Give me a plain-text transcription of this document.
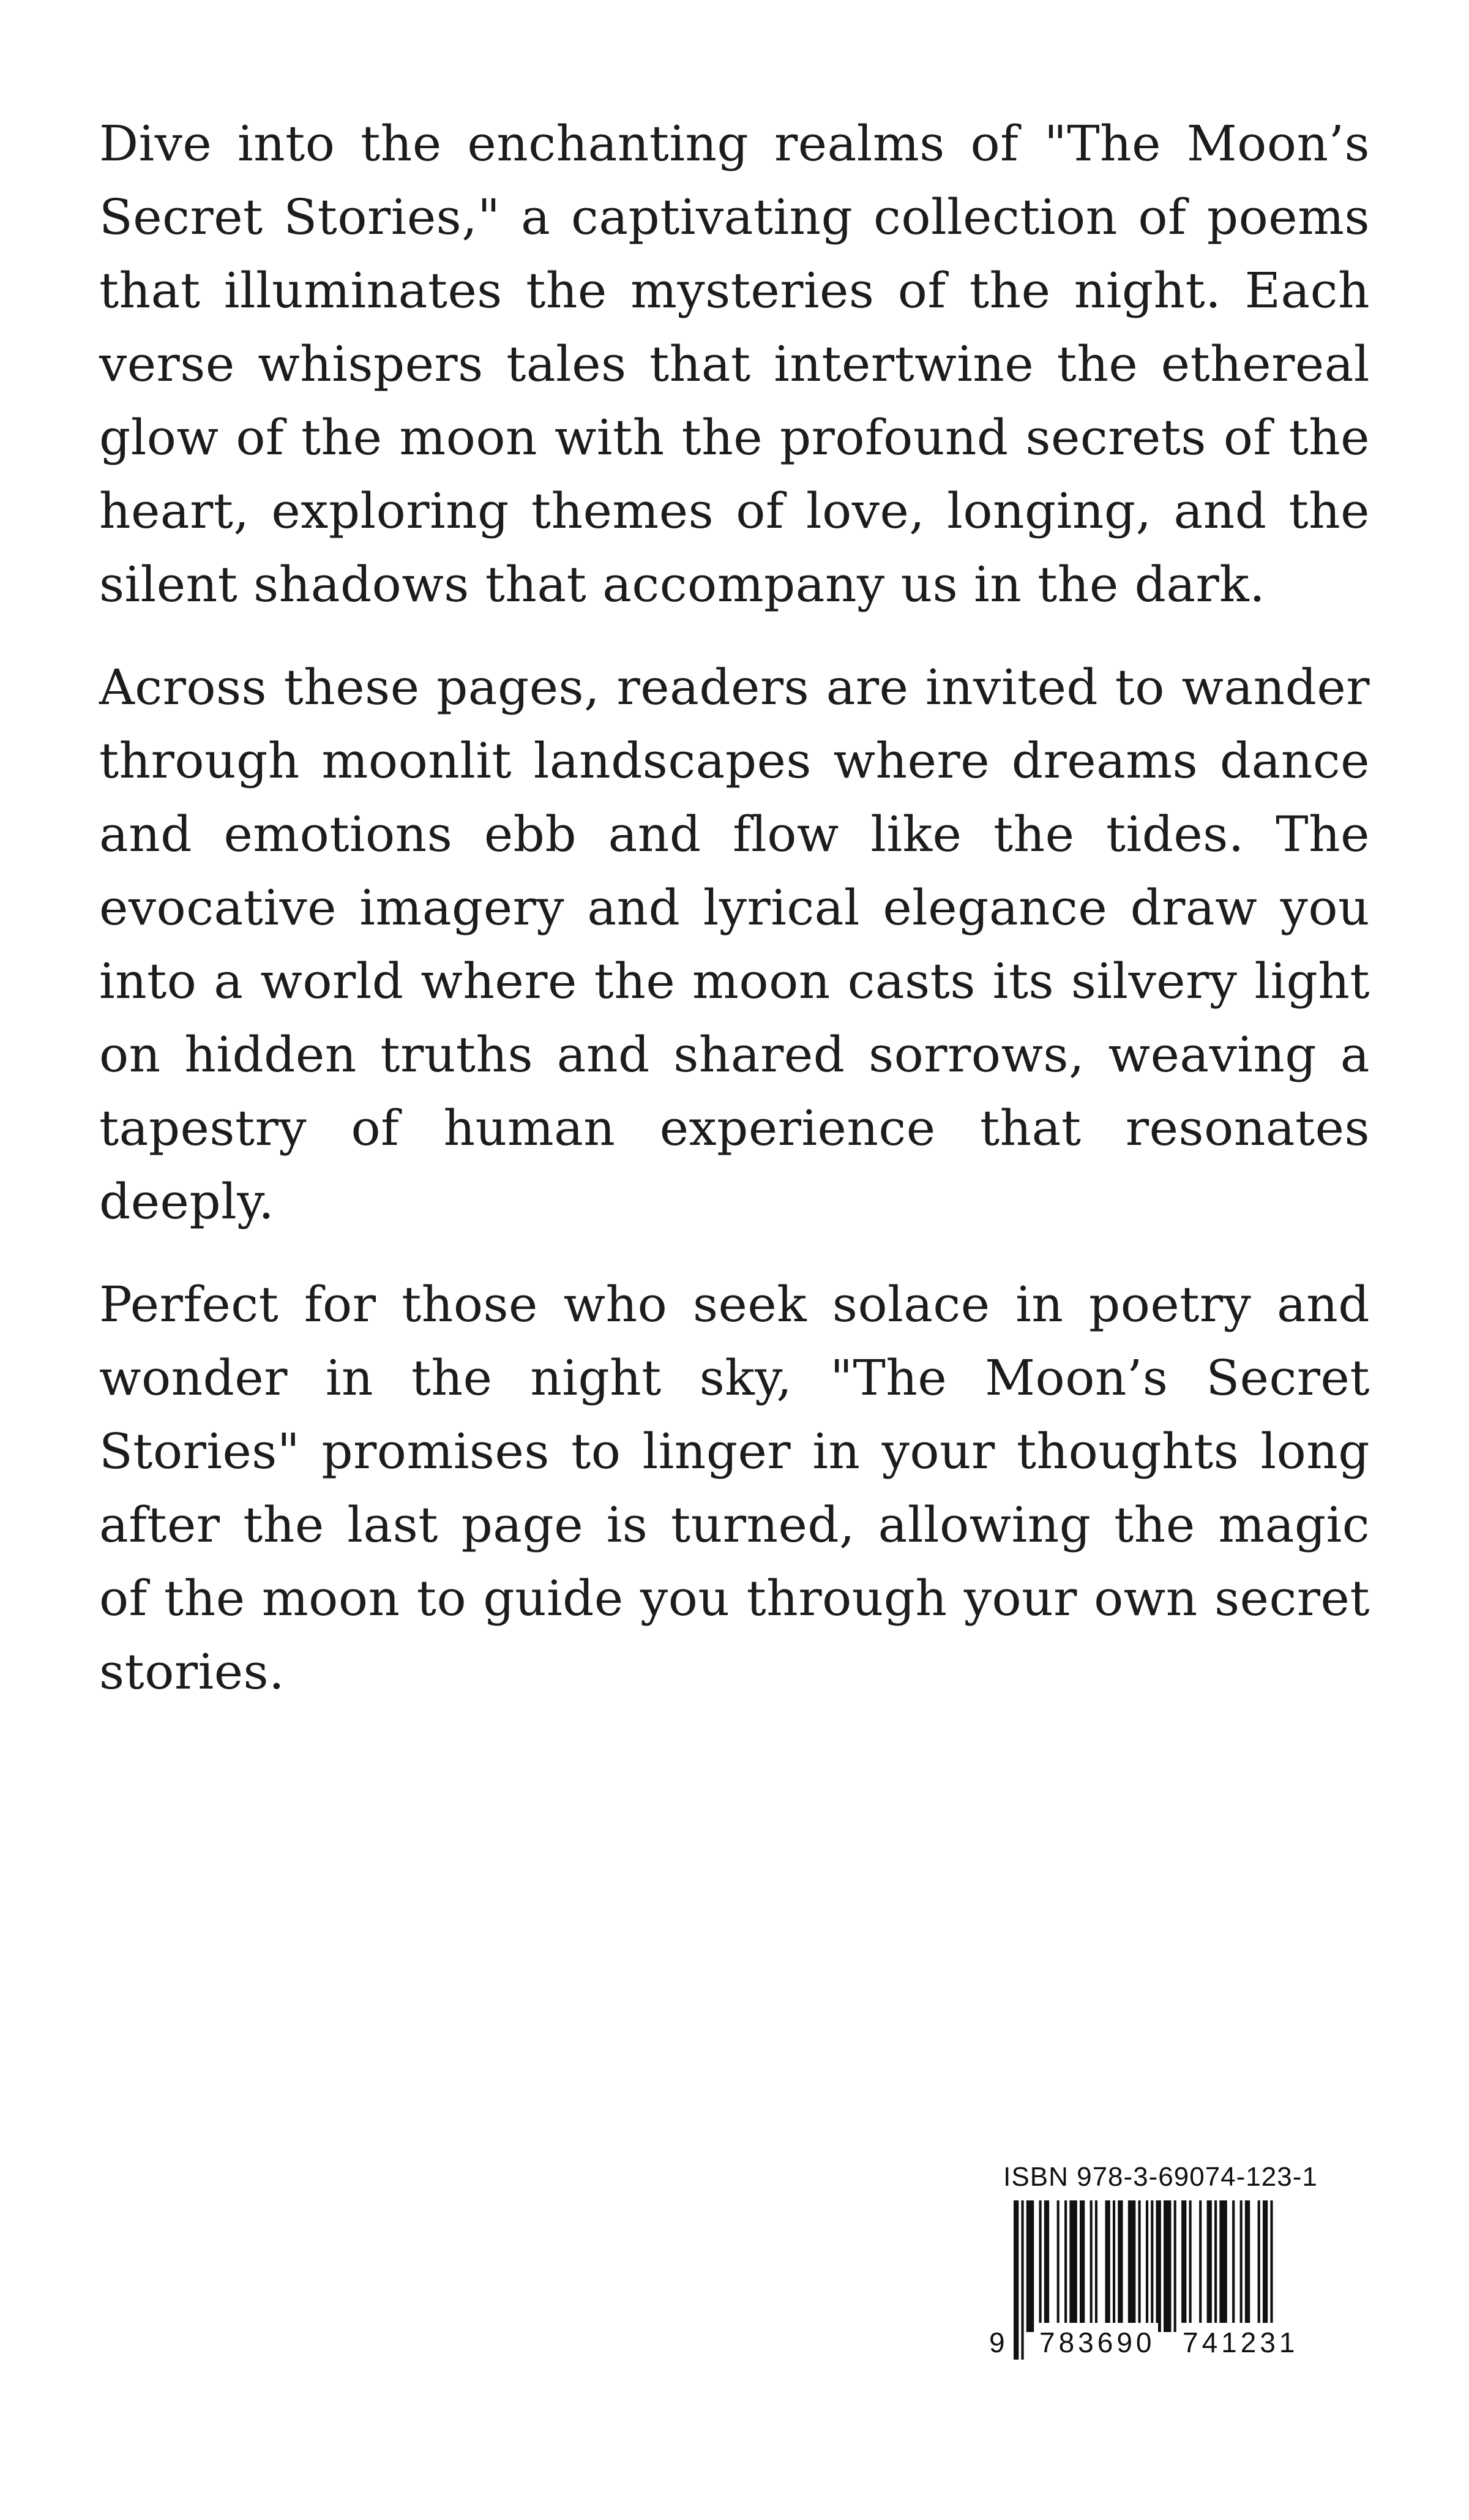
Dive into the enchanting realms of "The Moon’s Secret Stories," a captivating collection of poems that illuminates the mysteries of the night. Each verse whispers tales that intertwine the ethereal glow of the moon with the profound secrets of the heart, exploring themes of love, longing, and the silent shadows that accompany us in the dark.

Across these pages, readers are invited to wander through moonlit landscapes where dreams dance and emotions ebb and flow like the tides. The evocative imagery and lyrical elegance draw you into a world where the moon casts its silvery light on hidden truths and shared sorrows, weaving a tapestry of human experience that resonates deeply.

Perfect for those who seek solace in poetry and wonder in the night sky, "The Moon’s Secret Stories" promises to linger in your thoughts long after the last page is turned, allowing the magic of the moon to guide you through your own secret stories.

ISBN 978-3-69074-123-1
9 783690 741231
